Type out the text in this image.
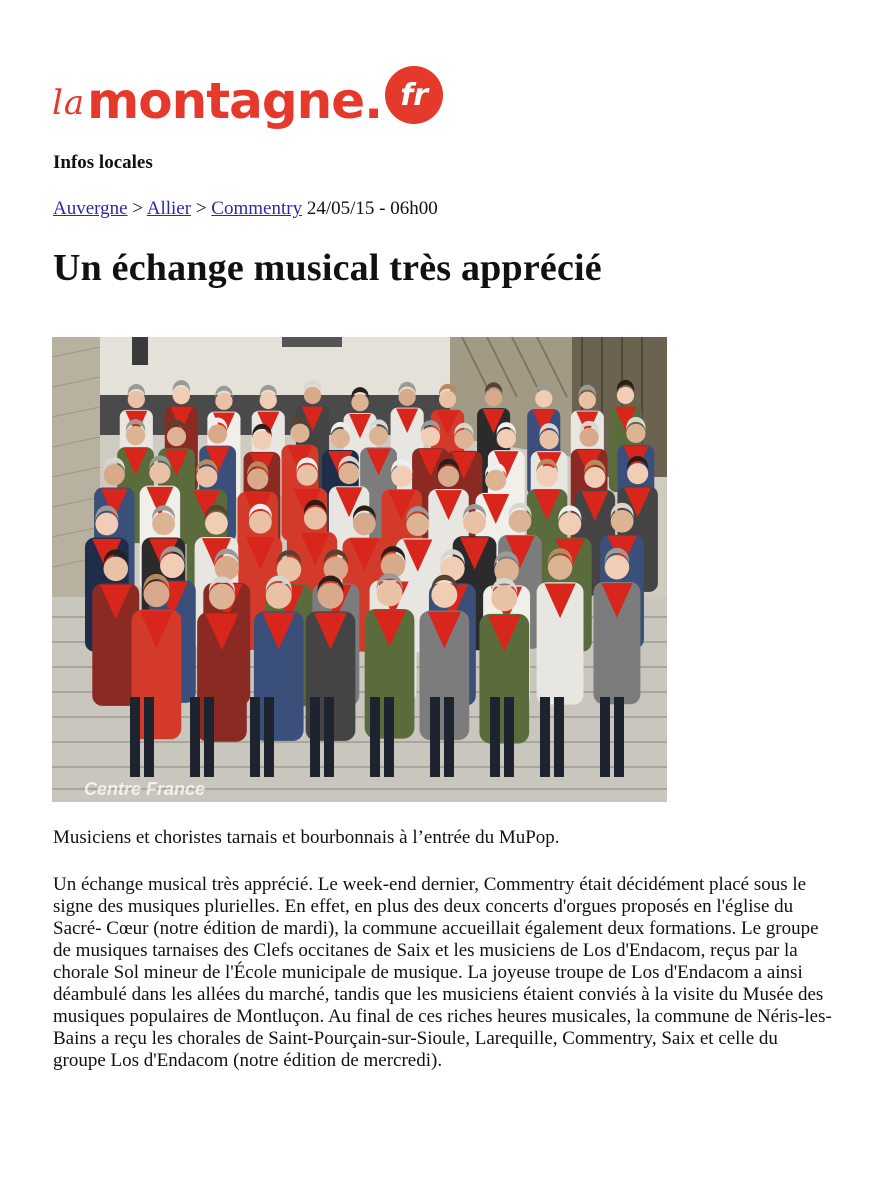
la montagne . fr
Infos locales
Auvergne > Allier > Commentry 24/05/15 - 06h00
Un échange musical très apprécié
Centre France

Musiciens et choristes tarnais et bourbonnais à l’entrée du MuPop.

Un échange musical très apprécié. Le week-end dernier, Commentry était décidément placé sous le signe des musiques plurielles. En effet, en plus des deux concerts d'orgues proposés en l'église du Sacré- Cœur (notre édition de mardi), la commune accueillait également deux formations. Le groupe de musiques tarnaises des Clefs occitanes de Saix et les musiciens de Los d'Endacom, reçus par la chorale Sol mineur de l'École municipale de musique. La joyeuse troupe de Los d'Endacom a ainsi déambulé dans les allées du marché, tandis que les musiciens étaient conviés à la visite du Musée des musiques populaires de Montluçon. Au final de ces riches heures musicales, la commune de Néris-les-Bains a reçu les chorales de Saint-Pourçain-sur-Sioule, Larequille, Commentry, Saix et celle du groupe Los d'Endacom (notre édition de mercredi).
